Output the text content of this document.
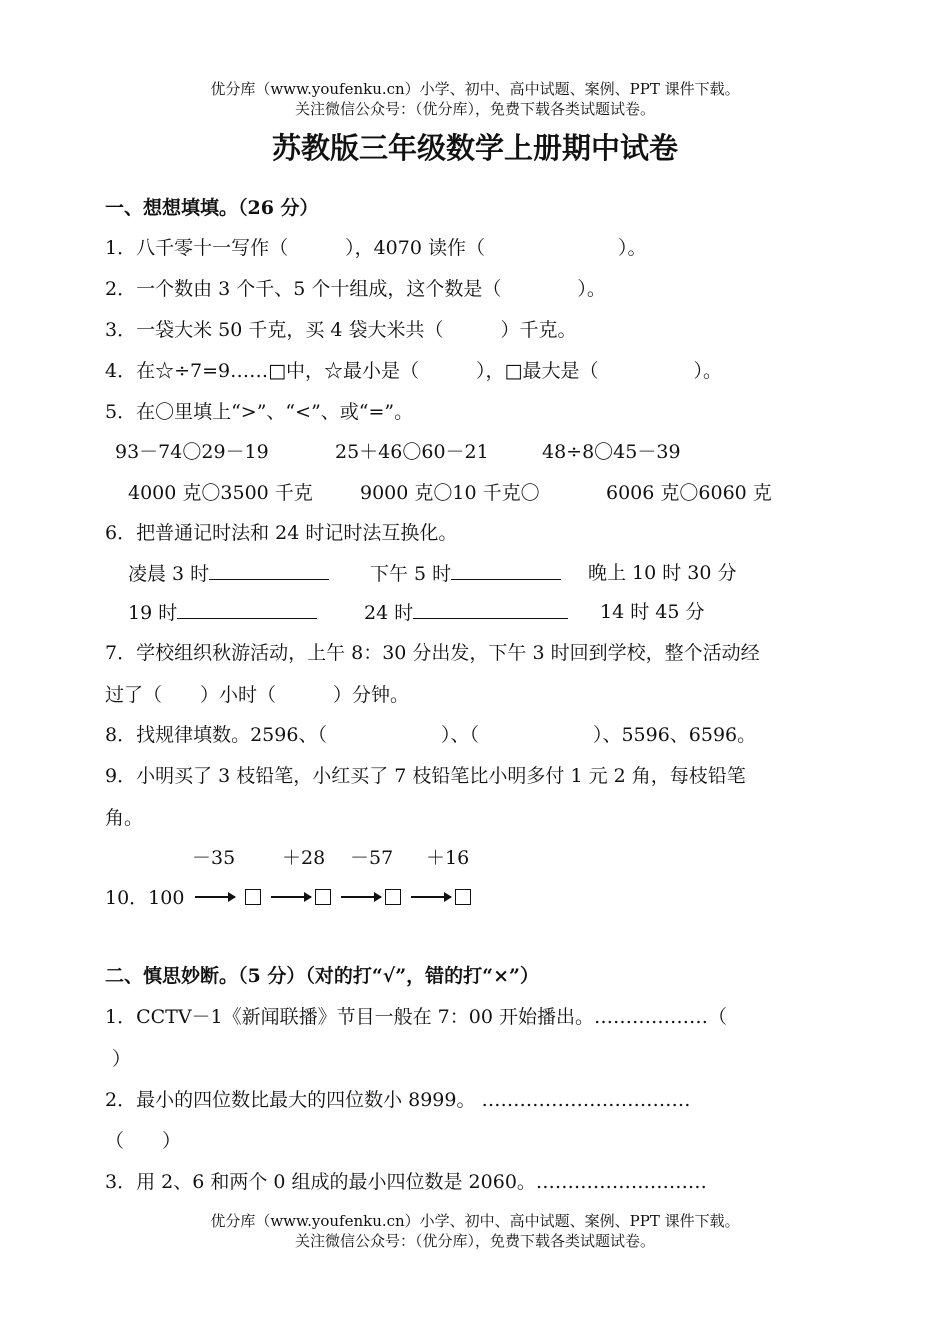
优分库（www.youfenku.cn）小学、初中、高中试题、案例、PPT 课件下载。
关注微信公众号：（优分库），免费下载各类试题试卷。
苏教版三年级数学上册期中试卷
一、想想填填。（26 分）
1．八千零十一写作（　　　），4070 读作（　　　　　　　）。
2．一个数由 3 个千、5 个十组成，这个数是（　　　　）。
3．一袋大米 50 千克，买 4 袋大米共（　　　）千克。
4．在☆÷7=9……□中，☆最小是（　　　），□最大是（　　　　　）。
5．在〇里填上“>”、“<”、或“=”。
93－74〇29－19	25＋46〇60－21	48÷8〇45－39
4000 克〇3500 千克 9000 克〇10 千克〇	6006 克〇6060 克
6．把普通记时法和 24 时记时法互换化。
凌晨 3 时	下午 5 时	晚上 10 时 30 分
19 时	24 时	14 时 45 分
7．学校组织秋游活动，上午 8：30 分出发，下午 3 时回到学校，整个活动经
过了（　　）小时（　　　）分钟。
8．找规律填数。2596、（　　　　　　）、（　　　　　　）、5596、6596。
9．小明买了 3 枝铅笔，小红买了 7 枝铅笔比小明多付 1 元 2 角，每枝铅笔
角。
－35 ＋28 －57 ＋16
10．100
二、慎思妙断。（5 分）（对的打“√”，错的打“×”）
1．CCTV－1《新闻联播》节目一般在 7：00 开始播出。………………（
）
2．最小的四位数比最大的四位数小 8999。 ……………………………
（　　）
3．用 2、6 和两个 0 组成的最小四位数是 2060。………………………
优分库（www.youfenku.cn）小学、初中、高中试题、案例、PPT 课件下载。
关注微信公众号：（优分库），免费下载各类试题试卷。
